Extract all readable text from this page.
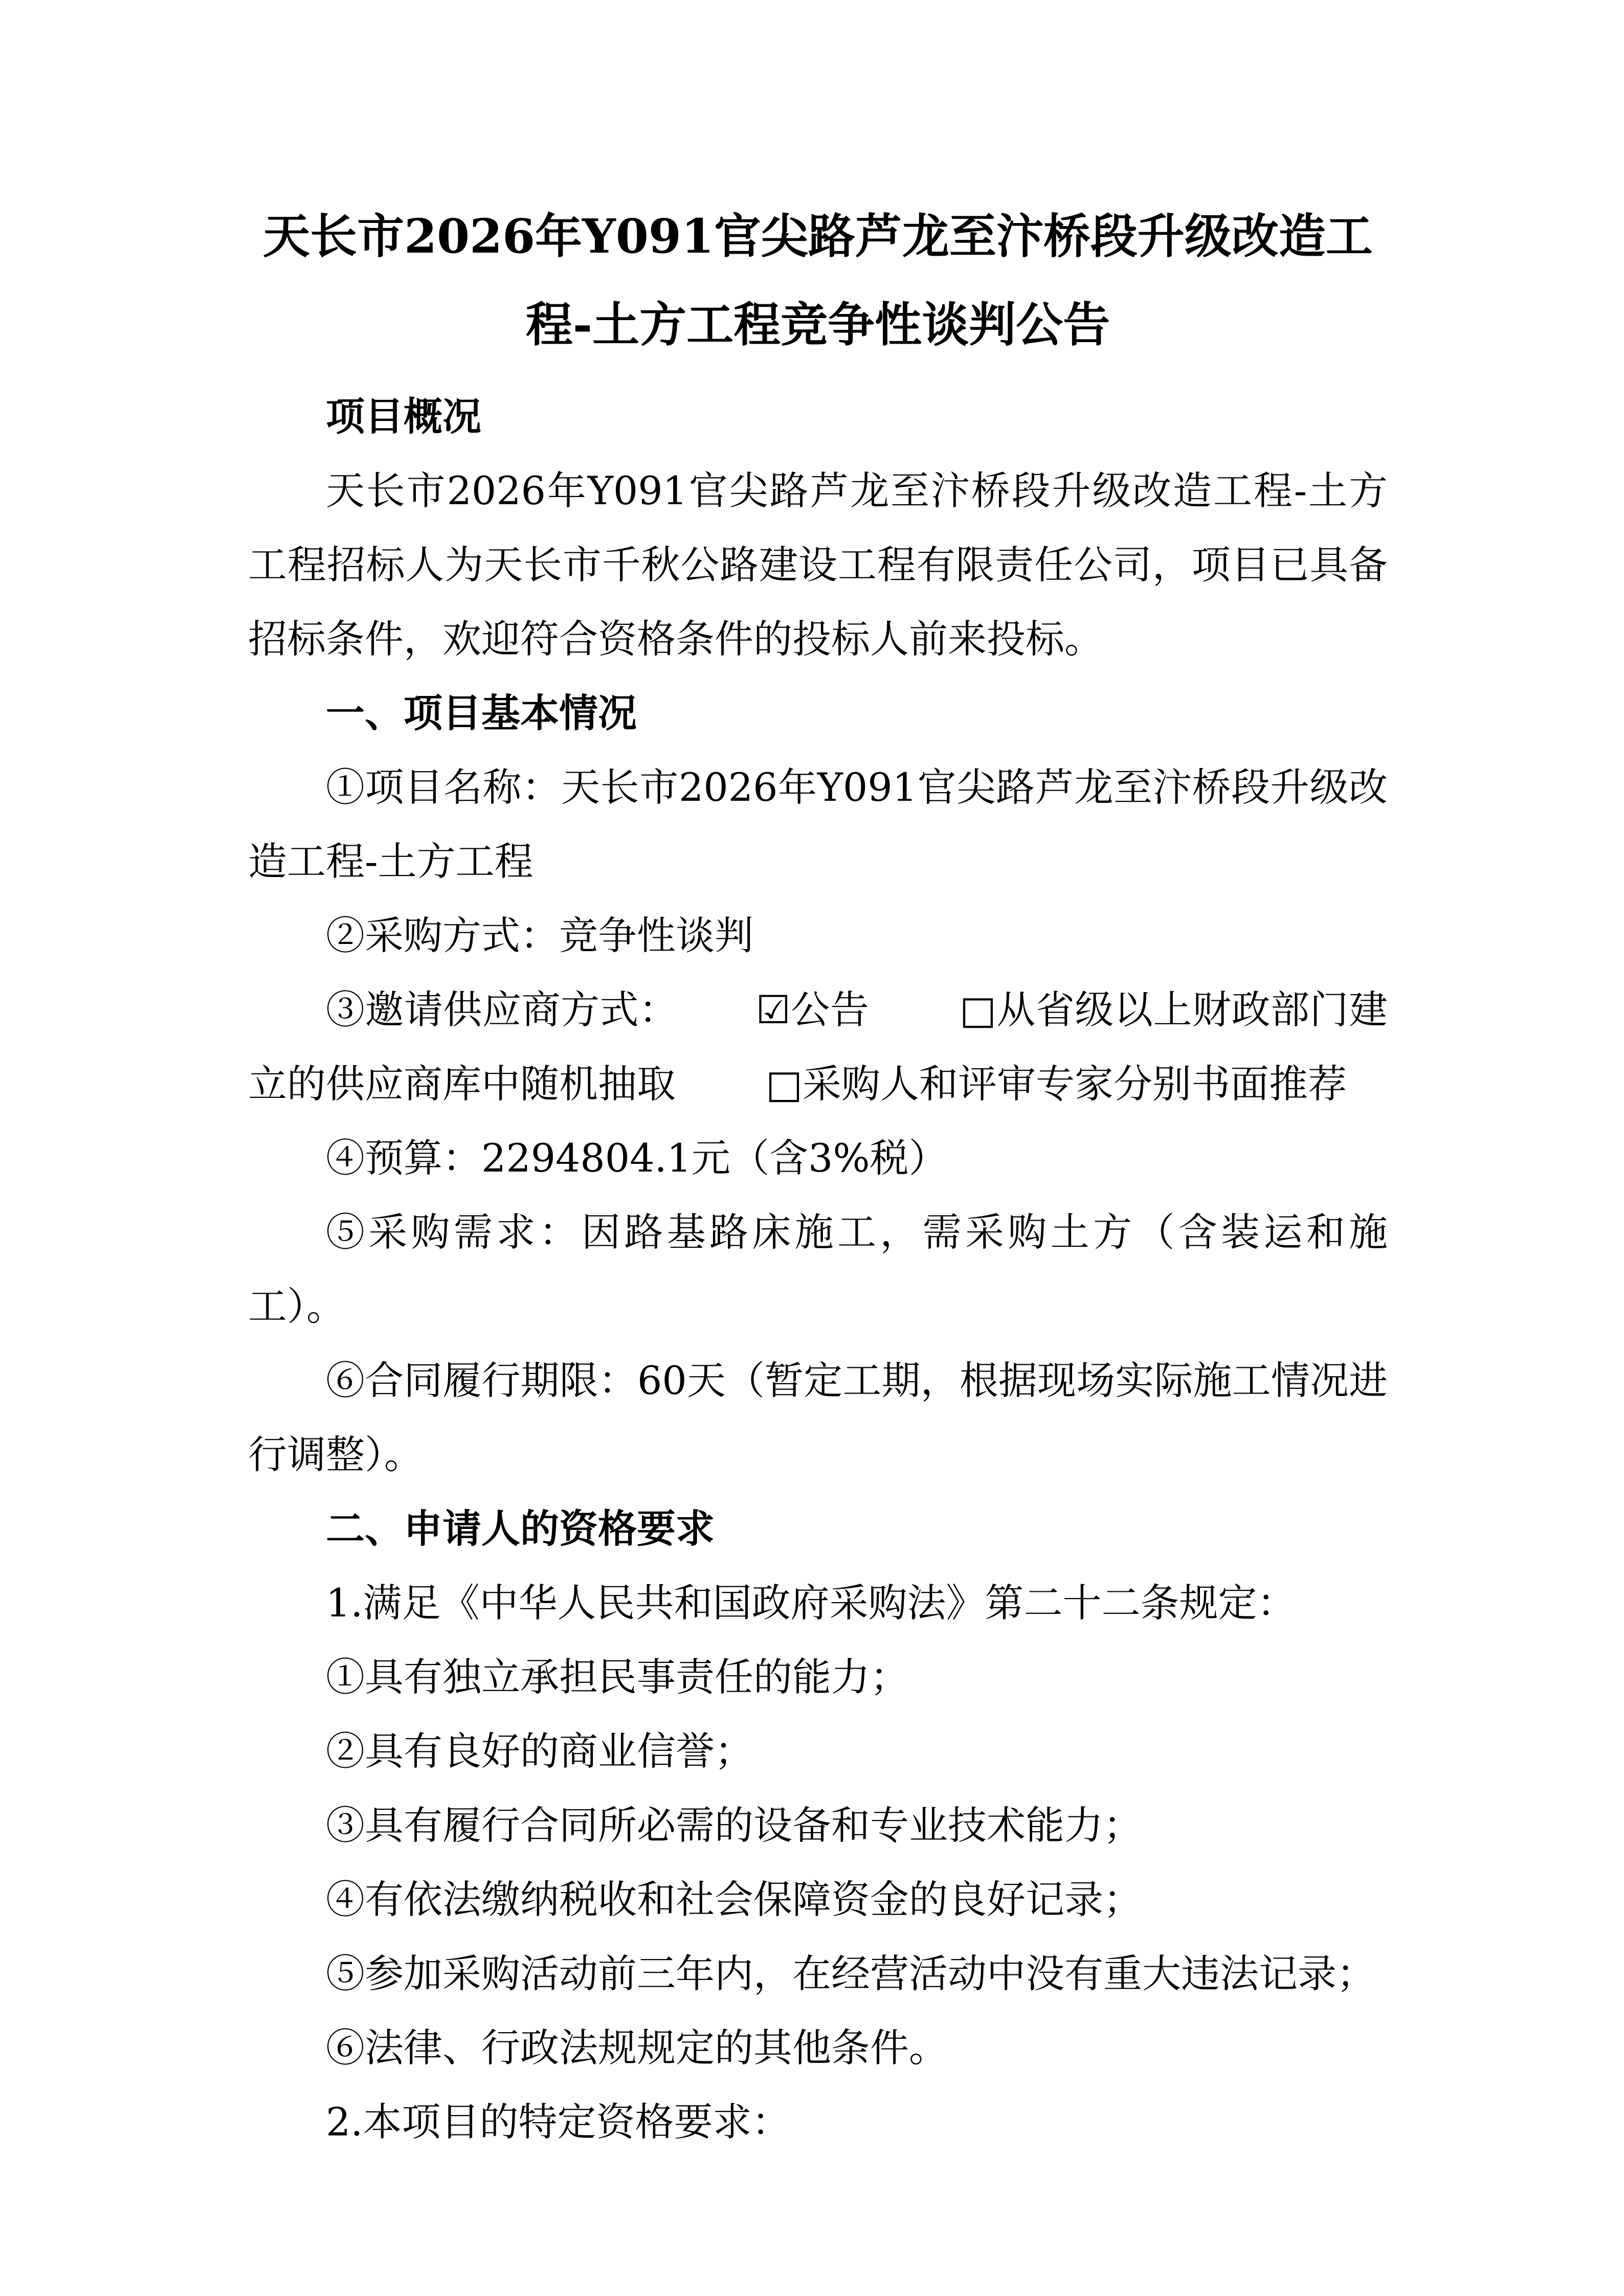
天长市2026年Y091官尖路芦龙至汴桥段升级改造工程-土方工程竞争性谈判公告

项目概况

天长市2026年Y091官尖路芦龙至汴桥段升级改造工程-土方工程招标人为天长市千秋公路建设工程有限责任公司，项目已具备招标条件，欢迎符合资格条件的投标人前来投标。

一、项目基本情况

①项目名称：天长市2026年Y091官尖路芦龙至汴桥段升级改造工程-土方工程

②采购方式：竞争性谈判

③邀请供应商方式： ☑公告 □从省级以上财政部门建立的供应商库中随机抽取 □采购人和评审专家分别书面推荐

④预算：2294804.1元（含3%税）

⑤采购需求：因路基路床施工，需采购土方（含装运和施工）。

⑥合同履行期限：60天（暂定工期，根据现场实际施工情况进行调整）。

二、申请人的资格要求

1.满足《中华人民共和国政府采购法》第二十二条规定：

①具有独立承担民事责任的能力；

②具有良好的商业信誉；

③具有履行合同所必需的设备和专业技术能力；

④有依法缴纳税收和社会保障资金的良好记录；

⑤参加采购活动前三年内，在经营活动中没有重大违法记录；

⑥法律、行政法规规定的其他条件。

2.本项目的特定资格要求：
